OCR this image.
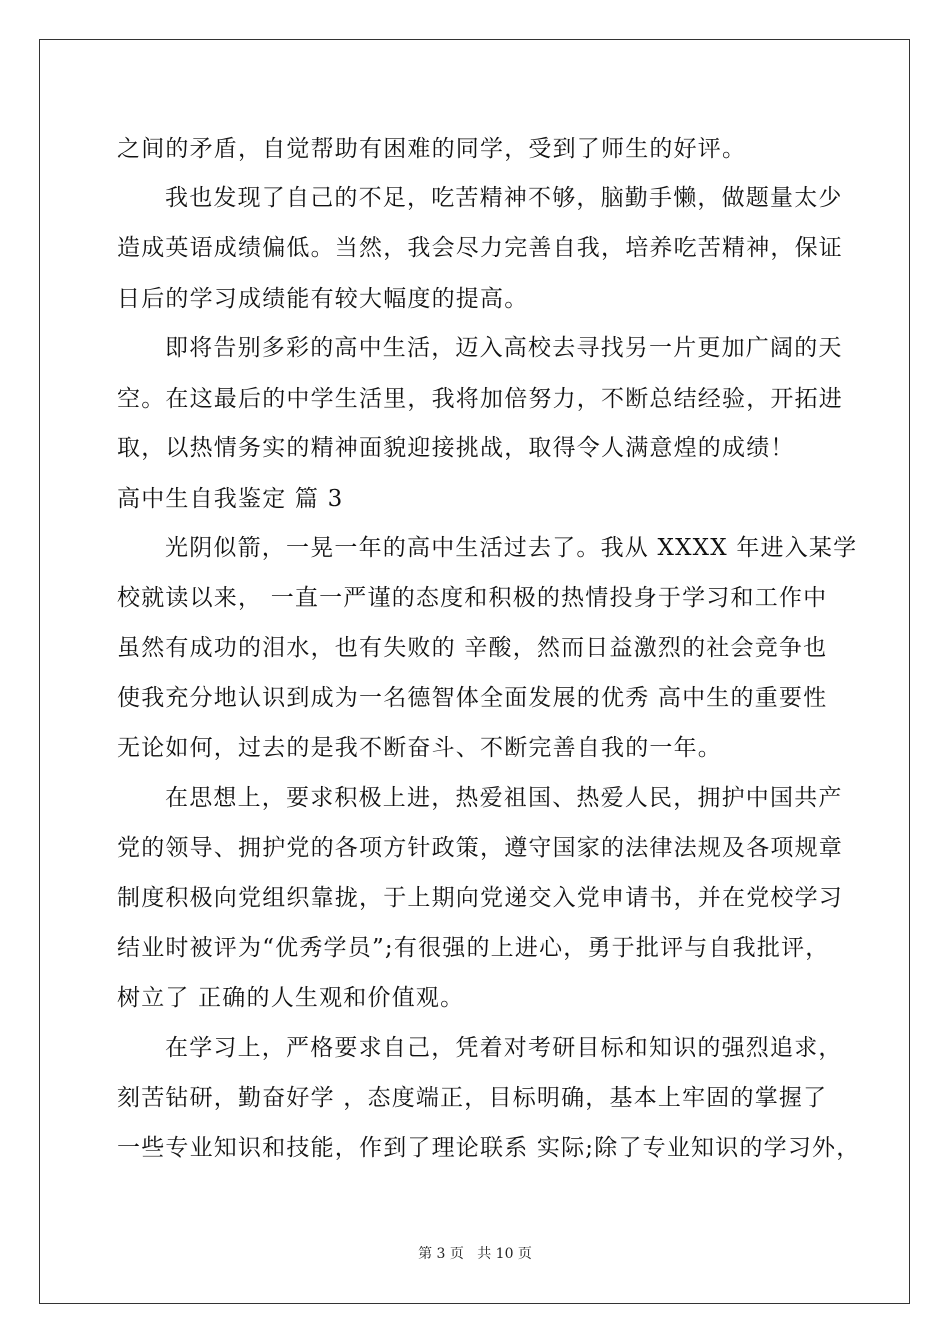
之间的矛盾，自觉帮助有困难的同学，受到了师生的好评。
我也发现了自己的不足，吃苦精神不够，脑勤手懒，做题量太少
造成英语成绩偏低。当然，我会尽力完善自我，培养吃苦精神，保证
日后的学习成绩能有较大幅度的提高。
即将告别多彩的高中生活，迈入高校去寻找另一片更加广阔的天
空。在这最后的中学生活里，我将加倍努力，不断总结经验，开拓进
取，以热情务实的精神面貌迎接挑战，取得令人满意煌的成绩！
高中生自我鉴定 篇 3
光阴似箭，一晃一年的高中生活过去了。我从 XXXX 年进入某学
校就读以来， 一直一严谨的态度和积极的热情投身于学习和工作中
虽然有成功的泪水，也有失败的 辛酸，然而日益激烈的社会竞争也
使我充分地认识到成为一名德智体全面发展的优秀 高中生的重要性
无论如何，过去的是我不断奋斗、不断完善自我的一年。
在思想上，要求积极上进，热爱祖国、热爱人民，拥护中国共产
党的领导、拥护党的各项方针政策，遵守国家的法律法规及各项规章
制度积极向党组织靠拢，于上期向党递交入党申请书，并在党校学习
结业时被评为“优秀学员”;有很强的上进心，勇于批评与自我批评，
树立了 正确的人生观和价值观。
在学习上，严格要求自己，凭着对考研目标和知识的强烈追求，
刻苦钻研，勤奋好学 ，态度端正，目标明确，基本上牢固的掌握了
一些专业知识和技能，作到了理论联系 实际;除了专业知识的学习外，
第 3 页   共 10 页
